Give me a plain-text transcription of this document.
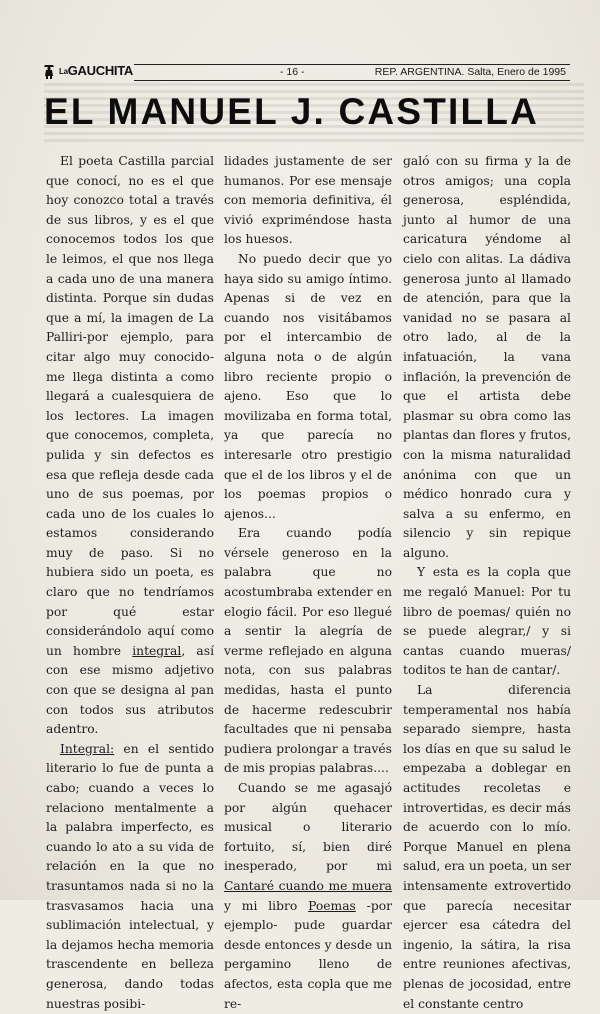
LaGAUCHITA	- 16 -	REP. ARGENTINA. Salta, Enero de 1995
EL MANUEL J. CASTILLA

El poeta Castilla parcial que conocí, no es el que hoy conozco total a través de sus libros, y es el que conocemos todos los que le leimos, el que nos llega a cada uno de una manera distinta. Porque sin dudas que a mí, la imagen de La Palliri-por ejemplo, para citar algo muy conocido- me llega distinta a como llegará a cualesquiera de los lectores. La imagen que conocemos, completa, pulida y sin defectos es esa que refleja desde cada uno de sus poemas, por cada uno de los cuales lo estamos considerando muy de paso. Si no hubiera sido un poeta, es claro que no tendríamos por qué estar considerándolo aquí como un hombre integral, así con ese mismo adjetivo con que se designa al pan con todos sus atributos adentro.

Integral: en el sentido literario lo fue de punta a cabo; cuando a veces lo relaciono mentalmente a la palabra imperfecto, es cuando lo ato a su vida de relación en la que no trasuntamos nada si no la trasvasamos hacia una sublimación intelectual, y la dejamos hecha memoria trascendente en belleza generosa, dando todas nuestras posibi-

lidades justamente de ser humanos. Por ese mensaje con memoria definitiva, él vivió expriméndose hasta los huesos.

No puedo decir que yo haya sido su amigo íntimo. Apenas si de vez en cuando nos visitábamos por el intercambio de alguna nota o de algún libro reciente propio o ajeno. Eso que lo movilizaba en forma total, ya que parecía no interesarle otro prestigio que el de los libros y el de los poemas propios o ajenos...

Era cuando podía vérsele generoso en la palabra que no acostumbraba extender en elogio fácil. Por eso llegué a sentir la alegría de verme reflejado en alguna nota, con sus palabras medidas, hasta el punto de hacerme redescubrir facultades que ni pensaba pudiera prolongar a través de mis propias palabras....

Cuando se me agasajó por algún quehacer musical o literario fortuito, sí, bien diré inesperado, por mi Cantaré cuando me muera y mi libro Poemas -por ejemplo- pude guardar desde entonces y desde un pergamino lleno de afectos, esta copla que me re-

galó con su firma y la de otros amigos; una copla generosa, espléndida, junto al humor de una caricatura yéndome al cielo con alitas. La dádiva generosa junto al llamado de atención, para que la vanidad no se pasara al otro lado, al de la infatuación, la vana inflación, la prevención de que el artista debe plasmar su obra como las plantas dan flores y frutos, con la misma naturalidad anónima con que un médico honrado cura y salva a su enfermo, en silencio y sin repique alguno.

Y esta es la copla que me regaló Manuel: Por tu libro de poemas/ quién no se puede alegrar,/ y si cantas cuando mueras/ toditos te han de cantar/.

La diferencia temperamental nos había separado siempre, hasta los días en que su salud le empezaba a doblegar en actitudes recoletas e introvertidas, es decir más de acuerdo con lo mío. Porque Manuel en plena salud, era un poeta, un ser intensamente extrovertido que parecía necesitar ejercer esa cátedra del ingenio, la sátira, la risa entre reuniones afectivas, plenas de jocosidad, entre el constante centro
